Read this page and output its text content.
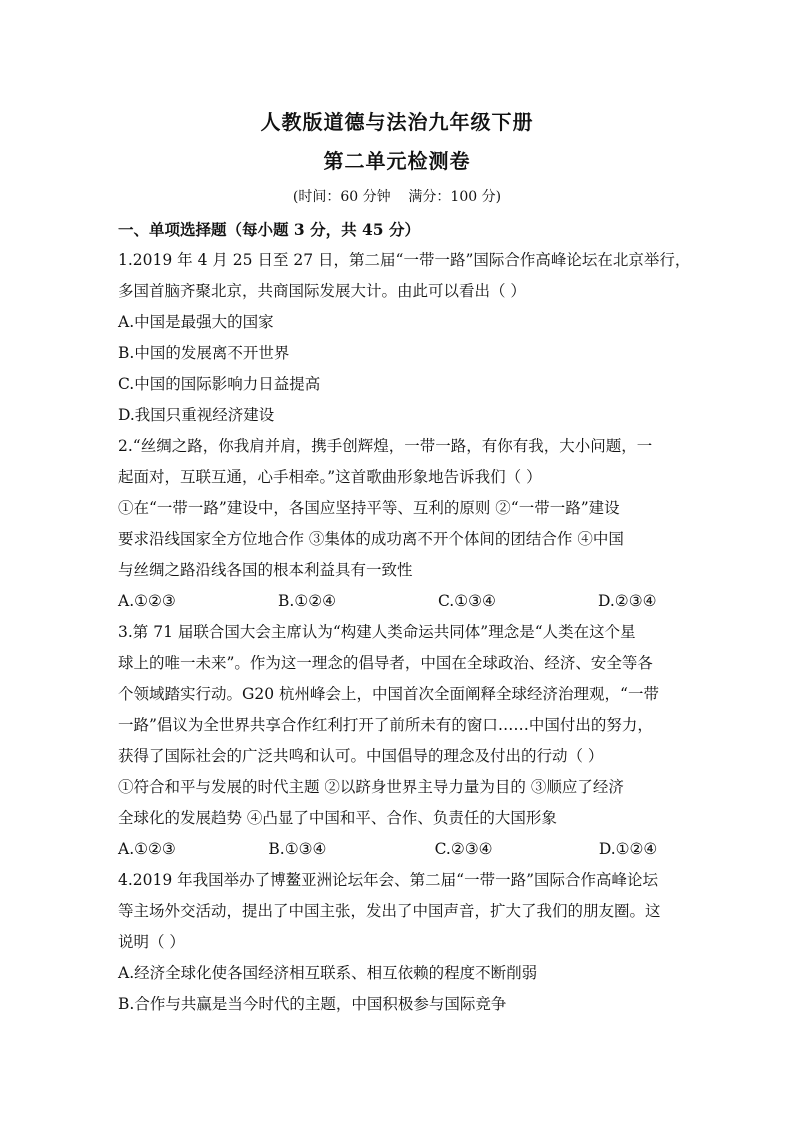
人教版道德与法治九年级下册
第二单元检测卷
(时间：60 分钟    满分：100 分)
一、单项选择题（每小题 3 分，共 45 分）
1.2019 年 4 月 25 日至 27 日，第二届“一带一路”国际合作高峰论坛在北京举行，
多国首脑齐聚北京，共商国际发展大计。由此可以看出（ ）
A.中国是最强大的国家
B.中国的发展离不开世界
C.中国的国际影响力日益提高
D.我国只重视经济建设
2.“丝绸之路，你我肩并肩，携手创辉煌，一带一路，有你有我，大小问题，一
起面对，互联互通，心手相牵。”这首歌曲形象地告诉我们（ ）
①在“一带一路”建设中，各国应坚持平等、互利的原则 ②“一带一路”建设
要求沿线国家全方位地合作 ③集体的成功离不开个体间的团结合作 ④中国
与丝绸之路沿线各国的根本利益具有一致性
A.①②③	B.①②④	C.①③④	D.②③④
3.第 71 届联合国大会主席认为“构建人类命运共同体”理念是“人类在这个星
球上的唯一未来”。作为这一理念的倡导者，中国在全球政治、经济、安全等各
个领域踏实行动。G20 杭州峰会上，中国首次全面阐释全球经济治理观，“一带
一路”倡议为全世界共享合作红利打开了前所未有的窗口……中国付出的努力，
获得了国际社会的广泛共鸣和认可。中国倡导的理念及付出的行动（ ）
①符合和平与发展的时代主题 ②以跻身世界主导力量为目的 ③顺应了经济
全球化的发展趋势 ④凸显了中国和平、合作、负责任的大国形象
A.①②③	B.①③④	C.②③④	D.①②④
4.2019 年我国举办了博鳌亚洲论坛年会、第二届“一带一路”国际合作高峰论坛
等主场外交活动，提出了中国主张，发出了中国声音，扩大了我们的朋友圈。这
说明（ ）
A.经济全球化使各国经济相互联系、相互依赖的程度不断削弱
B.合作与共赢是当今时代的主题，中国积极参与国际竞争
